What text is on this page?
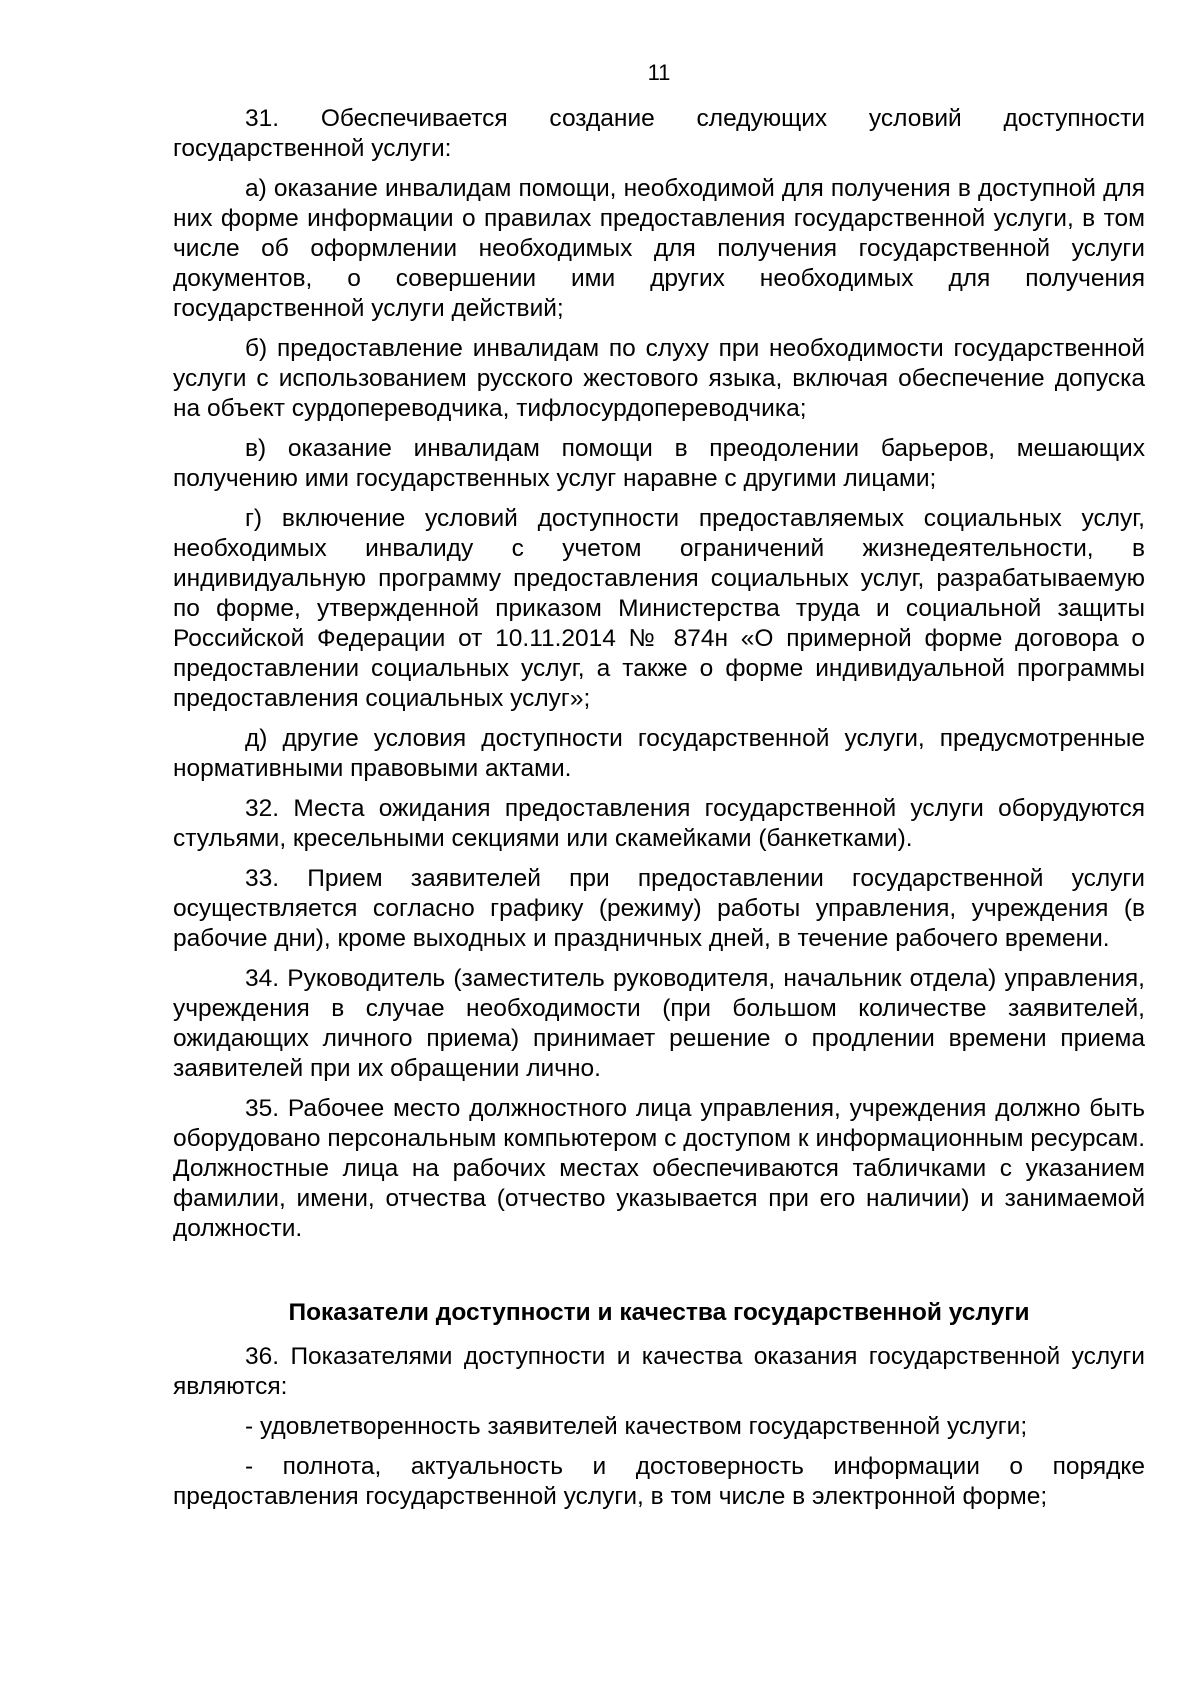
11

31. Обеспечивается создание следующих условий доступности государственной услуги:

а) оказание инвалидам помощи, необходимой для получения в доступной для них форме информации о правилах предоставления государственной услуги, в том числе об оформлении необходимых для получения государственной услуги документов, о совершении ими других необходимых для получения государственной услуги действий;

б) предоставление инвалидам по слуху при необходимости государственной услуги с использованием русского жестового языка, включая обеспечение допуска на объект сурдопереводчика, тифлосурдопереводчика;

в) оказание инвалидам помощи в преодолении барьеров, мешающих получению ими государственных услуг наравне с другими лицами;

г) включение условий доступности предоставляемых социальных услуг, необходимых инвалиду с учетом ограничений жизнедеятельности, в индивидуальную программу предоставления социальных услуг, разрабатываемую по форме, утвержденной приказом Министерства труда и социальной защиты Российской Федерации от 10.11.2014 № 874н «О примерной форме договора о предоставлении социальных услуг, а также о форме индивидуальной программы предоставления социальных услуг»;

д) другие условия доступности государственной услуги, предусмотренные нормативными правовыми актами.

32. Места ожидания предоставления государственной услуги оборудуются стульями, кресельными секциями или скамейками (банкетками).

33. Прием заявителей при предоставлении государственной услуги осуществляется согласно графику (режиму) работы управления, учреждения (в рабочие дни), кроме выходных и праздничных дней, в течение рабочего времени.

34. Руководитель (заместитель руководителя, начальник отдела) управления, учреждения в случае необходимости (при большом количестве заявителей, ожидающих личного приема) принимает решение о продлении времени приема заявителей при их обращении лично.

35. Рабочее место должностного лица управления, учреждения должно быть оборудовано персональным компьютером с доступом к информационным ресурсам. Должностные лица на рабочих местах обеспечиваются табличками с указанием фамилии, имени, отчества (отчество указывается при его наличии) и занимаемой должности.

Показатели доступности и качества государственной услуги

36. Показателями доступности и качества оказания государственной услуги являются:

- удовлетворенность заявителей качеством государственной услуги;

- полнота, актуальность и достоверность информации о порядке предоставления государственной услуги, в том числе в электронной форме;
